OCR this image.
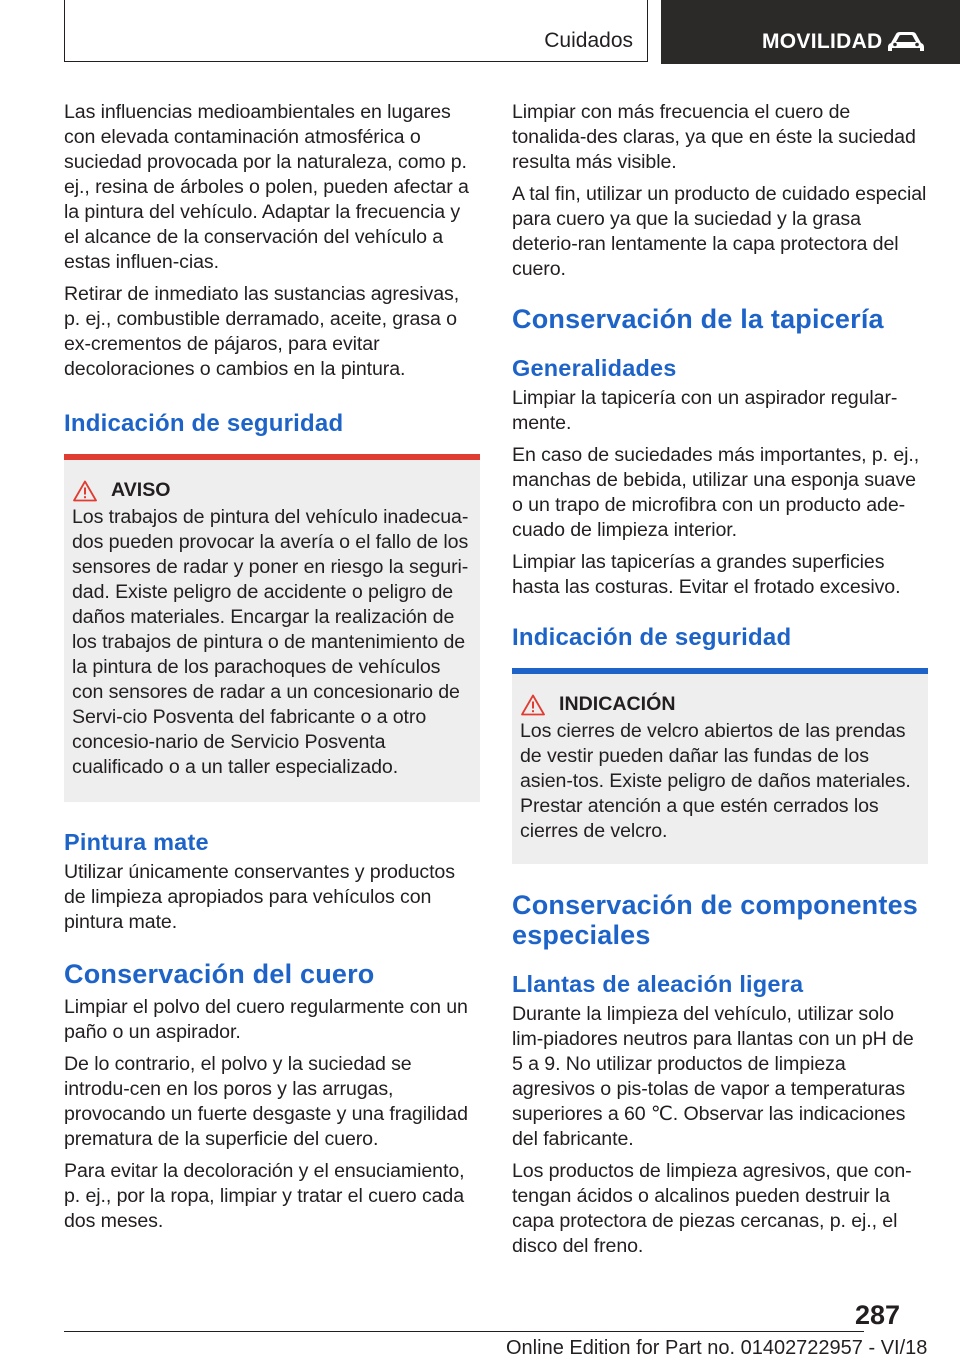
Cuidados	MOVILIDAD

Las influencias medioambientales en lugares con elevada contaminación atmosférica o suciedad provocada por la naturaleza, como p. ej., resina de árboles o polen, pueden afectar a la pintura del vehículo. Adaptar la frecuencia y el alcance de la conservación del vehículo a estas influen‐cias.

Retirar de inmediato las sustancias agresivas, p. ej., combustible derramado, aceite, grasa o ex‐crementos de pájaros, para evitar decoloraciones o cambios en la pintura.

Indicación de seguridad
AVISO
Los trabajos de pintura del vehículo inadecua‐dos pueden provocar la avería o el fallo de los sensores de radar y poner en riesgo la seguri‐dad. Existe peligro de accidente o peligro de daños materiales. Encargar la realización de los trabajos de pintura o de mantenimiento de la pintura de los parachoques de vehículos con sensores de radar a un concesionario de Servi‐cio Posventa del fabricante o a otro concesio‐nario de Servicio Posventa cualificado o a un taller especializado.
Pintura mate

Utilizar únicamente conservantes y productos de limpieza apropiados para vehículos con pintura mate.

Conservación del cuero

Limpiar el polvo del cuero regularmente con un paño o un aspirador.

De lo contrario, el polvo y la suciedad se introdu‐cen en los poros y las arrugas, provocando un fuerte desgaste y una fragilidad prematura de la superficie del cuero.

Para evitar la decoloración y el ensuciamiento, p. ej., por la ropa, limpiar y tratar el cuero cada dos meses.

Limpiar con más frecuencia el cuero de tonalida‐des claras, ya que en éste la suciedad resulta más visible.

A tal fin, utilizar un producto de cuidado especial para cuero ya que la suciedad y la grasa deterio‐ran lentamente la capa protectora del cuero.

Conservación de la tapicería
Generalidades

Limpiar la tapicería con un aspirador regular‐mente.

En caso de suciedades más importantes, p. ej., manchas de bebida, utilizar una esponja suave o un trapo de microfibra con un producto ade‐cuado de limpieza interior.

Limpiar las tapicerías a grandes superficies hasta las costuras. Evitar el frotado excesivo.

Indicación de seguridad
INDICACIÓN
Los cierres de velcro abiertos de las prendas de vestir pueden dañar las fundas de los asien‐tos. Existe peligro de daños materiales. Prestar atención a que estén cerrados los cierres de velcro.
Conservación de componentes especiales
Llantas de aleación ligera

Durante la limpieza del vehículo, utilizar solo lim‐piadores neutros para llantas con un pH de 5 a 9. No utilizar productos de limpieza agresivos o pis‐tolas de vapor a temperaturas superiores a 60 ℃. Observar las indicaciones del fabricante.

Los productos de limpieza agresivos, que con‐tengan ácidos o alcalinos pueden destruir la capa protectora de piezas cercanas, p. ej., el disco del freno.

287
Online Edition for Part no. 01402722957 - VI/18
